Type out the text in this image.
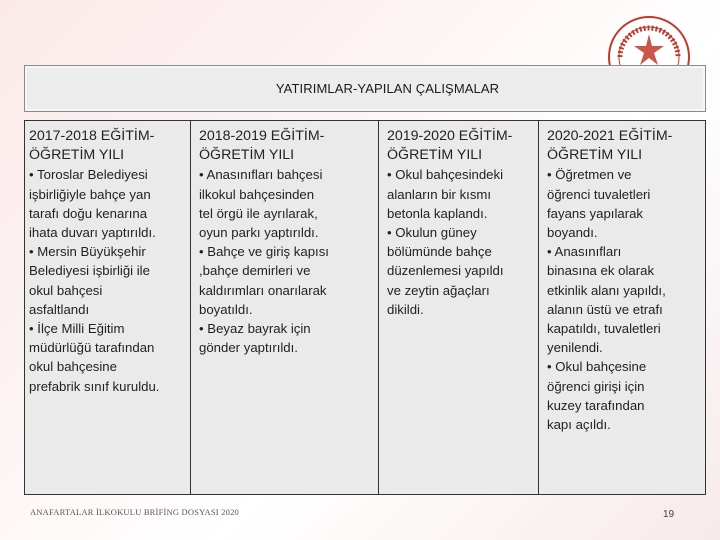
YATIRIMLAR-YAPILAN ÇALIŞMALAR
2017-2018 EĞİTİM-
ÖĞRETİM YILI
• Toroslar Belediyesi
işbirliğiyle bahçe yan
tarafı doğu kenarına
ihata duvarı yaptırıldı.
• Mersin Büyükşehir
Belediyesi işbirliği ile
okul bahçesi
asfaltlandı
• İlçe Milli Eğitim
müdürlüğü tarafından
okul bahçesine
prefabrik sınıf kuruldu.
2018-2019 EĞİTİM-
ÖĞRETİM YILI
• Anasınıfları bahçesi
ilkokul bahçesinden
tel örgü ile ayrılarak,
oyun parkı yaptırıldı.
• Bahçe ve giriş kapısı
,bahçe demirleri ve
kaldırımları onarılarak
boyatıldı.
• Beyaz bayrak için
gönder yaptırıldı.
2019-2020 EĞİTİM-
ÖĞRETİM YILI
• Okul bahçesindeki
alanların bir kısmı
betonla kaplandı.
• Okulun güney
bölümünde bahçe
düzenlemesi yapıldı
ve zeytin ağaçları
dikildi.
2020-2021 EĞİTİM-
ÖĞRETİM YILI
• Öğretmen ve
öğrenci tuvaletleri
fayans yapılarak
boyandı.
• Anasınıfları
binasına ek olarak
etkinlik alanı yapıldı,
alanın üstü ve etrafı
kapatıldı, tuvaletleri
yenilendi.
• Okul bahçesine
öğrenci girişi için
kuzey tarafından
kapı açıldı.
ANAFARTALAR İLKOKULU BRİFİNG DOSYASI 2020	19
